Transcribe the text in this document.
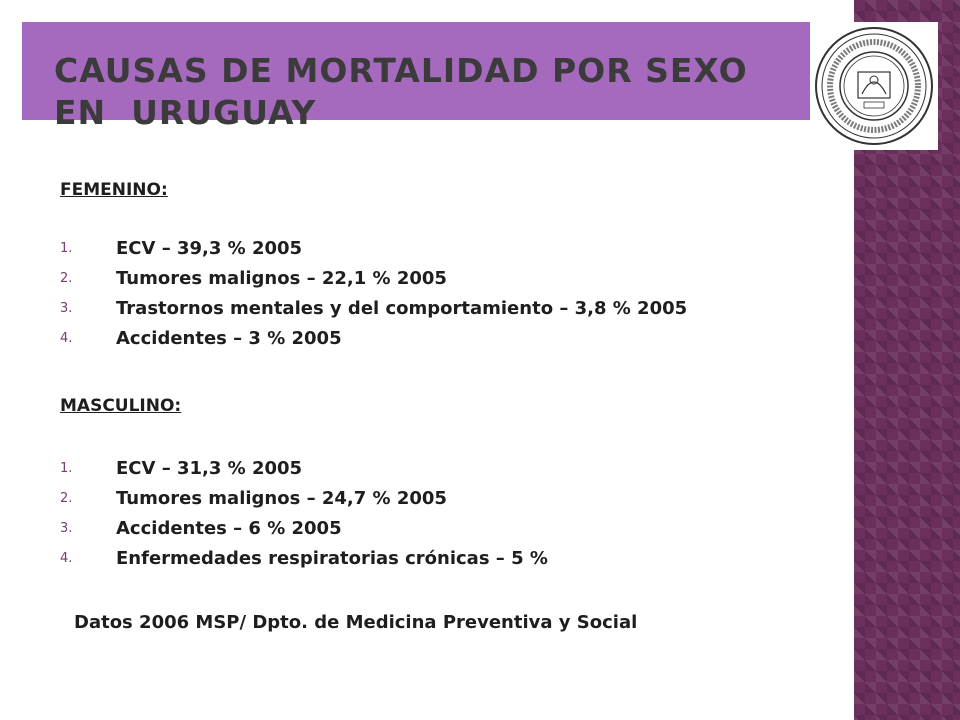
CAUSAS DE MORTALIDAD POR SEXO
EN  URUGUAY

FEMENINO:

1. ECV – 39,3 % 2005
2. Tumores malignos – 22,1 % 2005
3. Trastornos mentales y del comportamiento – 3,8 % 2005
4. Accidentes – 3 % 2005

MASCULINO:

1. ECV – 31,3 % 2005
2. Tumores malignos – 24,7 % 2005
3. Accidentes – 6 % 2005
4. Enfermedades respiratorias crónicas – 5 %

Datos 2006 MSP/ Dpto. de Medicina Preventiva y Social
